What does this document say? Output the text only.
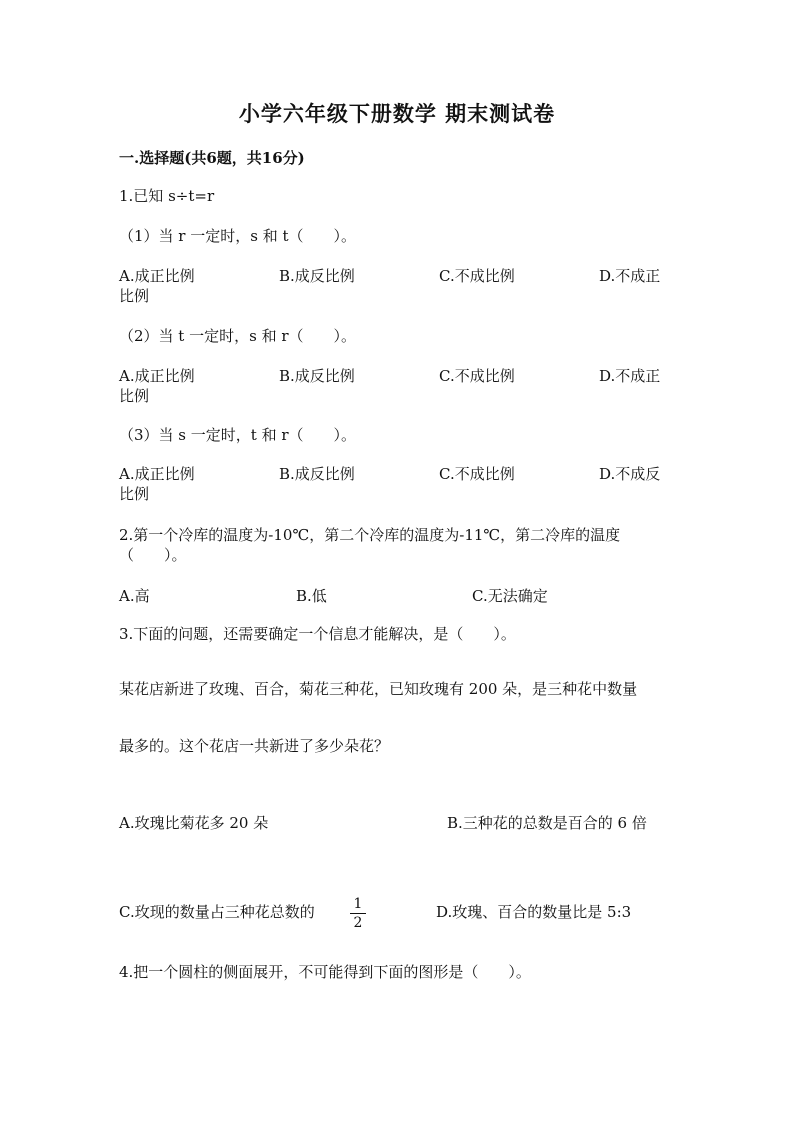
小学六年级下册数学 期末测试卷
一.选择题(共6题，共16分)
1.已知 s÷t=r
（1）当 r 一定时，s 和 t（　　）。
A.成正比例	B.成反比例	C.不成比例	D.不成正
比例
（2）当 t 一定时，s 和 r（　　）。
A.成正比例	B.成反比例	C.不成比例	D.不成正
比例
（3）当 s 一定时，t 和 r（　　）。
A.成正比例	B.成反比例	C.不成比例	D.不成反
比例
2.第一个冷库的温度为-10℃，第二个冷库的温度为-11℃，第二冷库的温度
（　　）。
A.高	B.低	C.无法确定
3.下面的问题，还需要确定一个信息才能解决，是（　　）。
某花店新进了玫瑰、百合，菊花三种花，已知玫瑰有 200 朵，是三种花中数量
最多的。这个花店一共新进了多少朵花？
A.玫瑰比菊花多 20 朵	B.三种花的总数是百合的 6 倍
C.玫现的数量占三种花总数的	1
2
D.玫瑰、百合的数量比是 5:3
4.把一个圆柱的侧面展开，不可能得到下面的图形是（　　）。
